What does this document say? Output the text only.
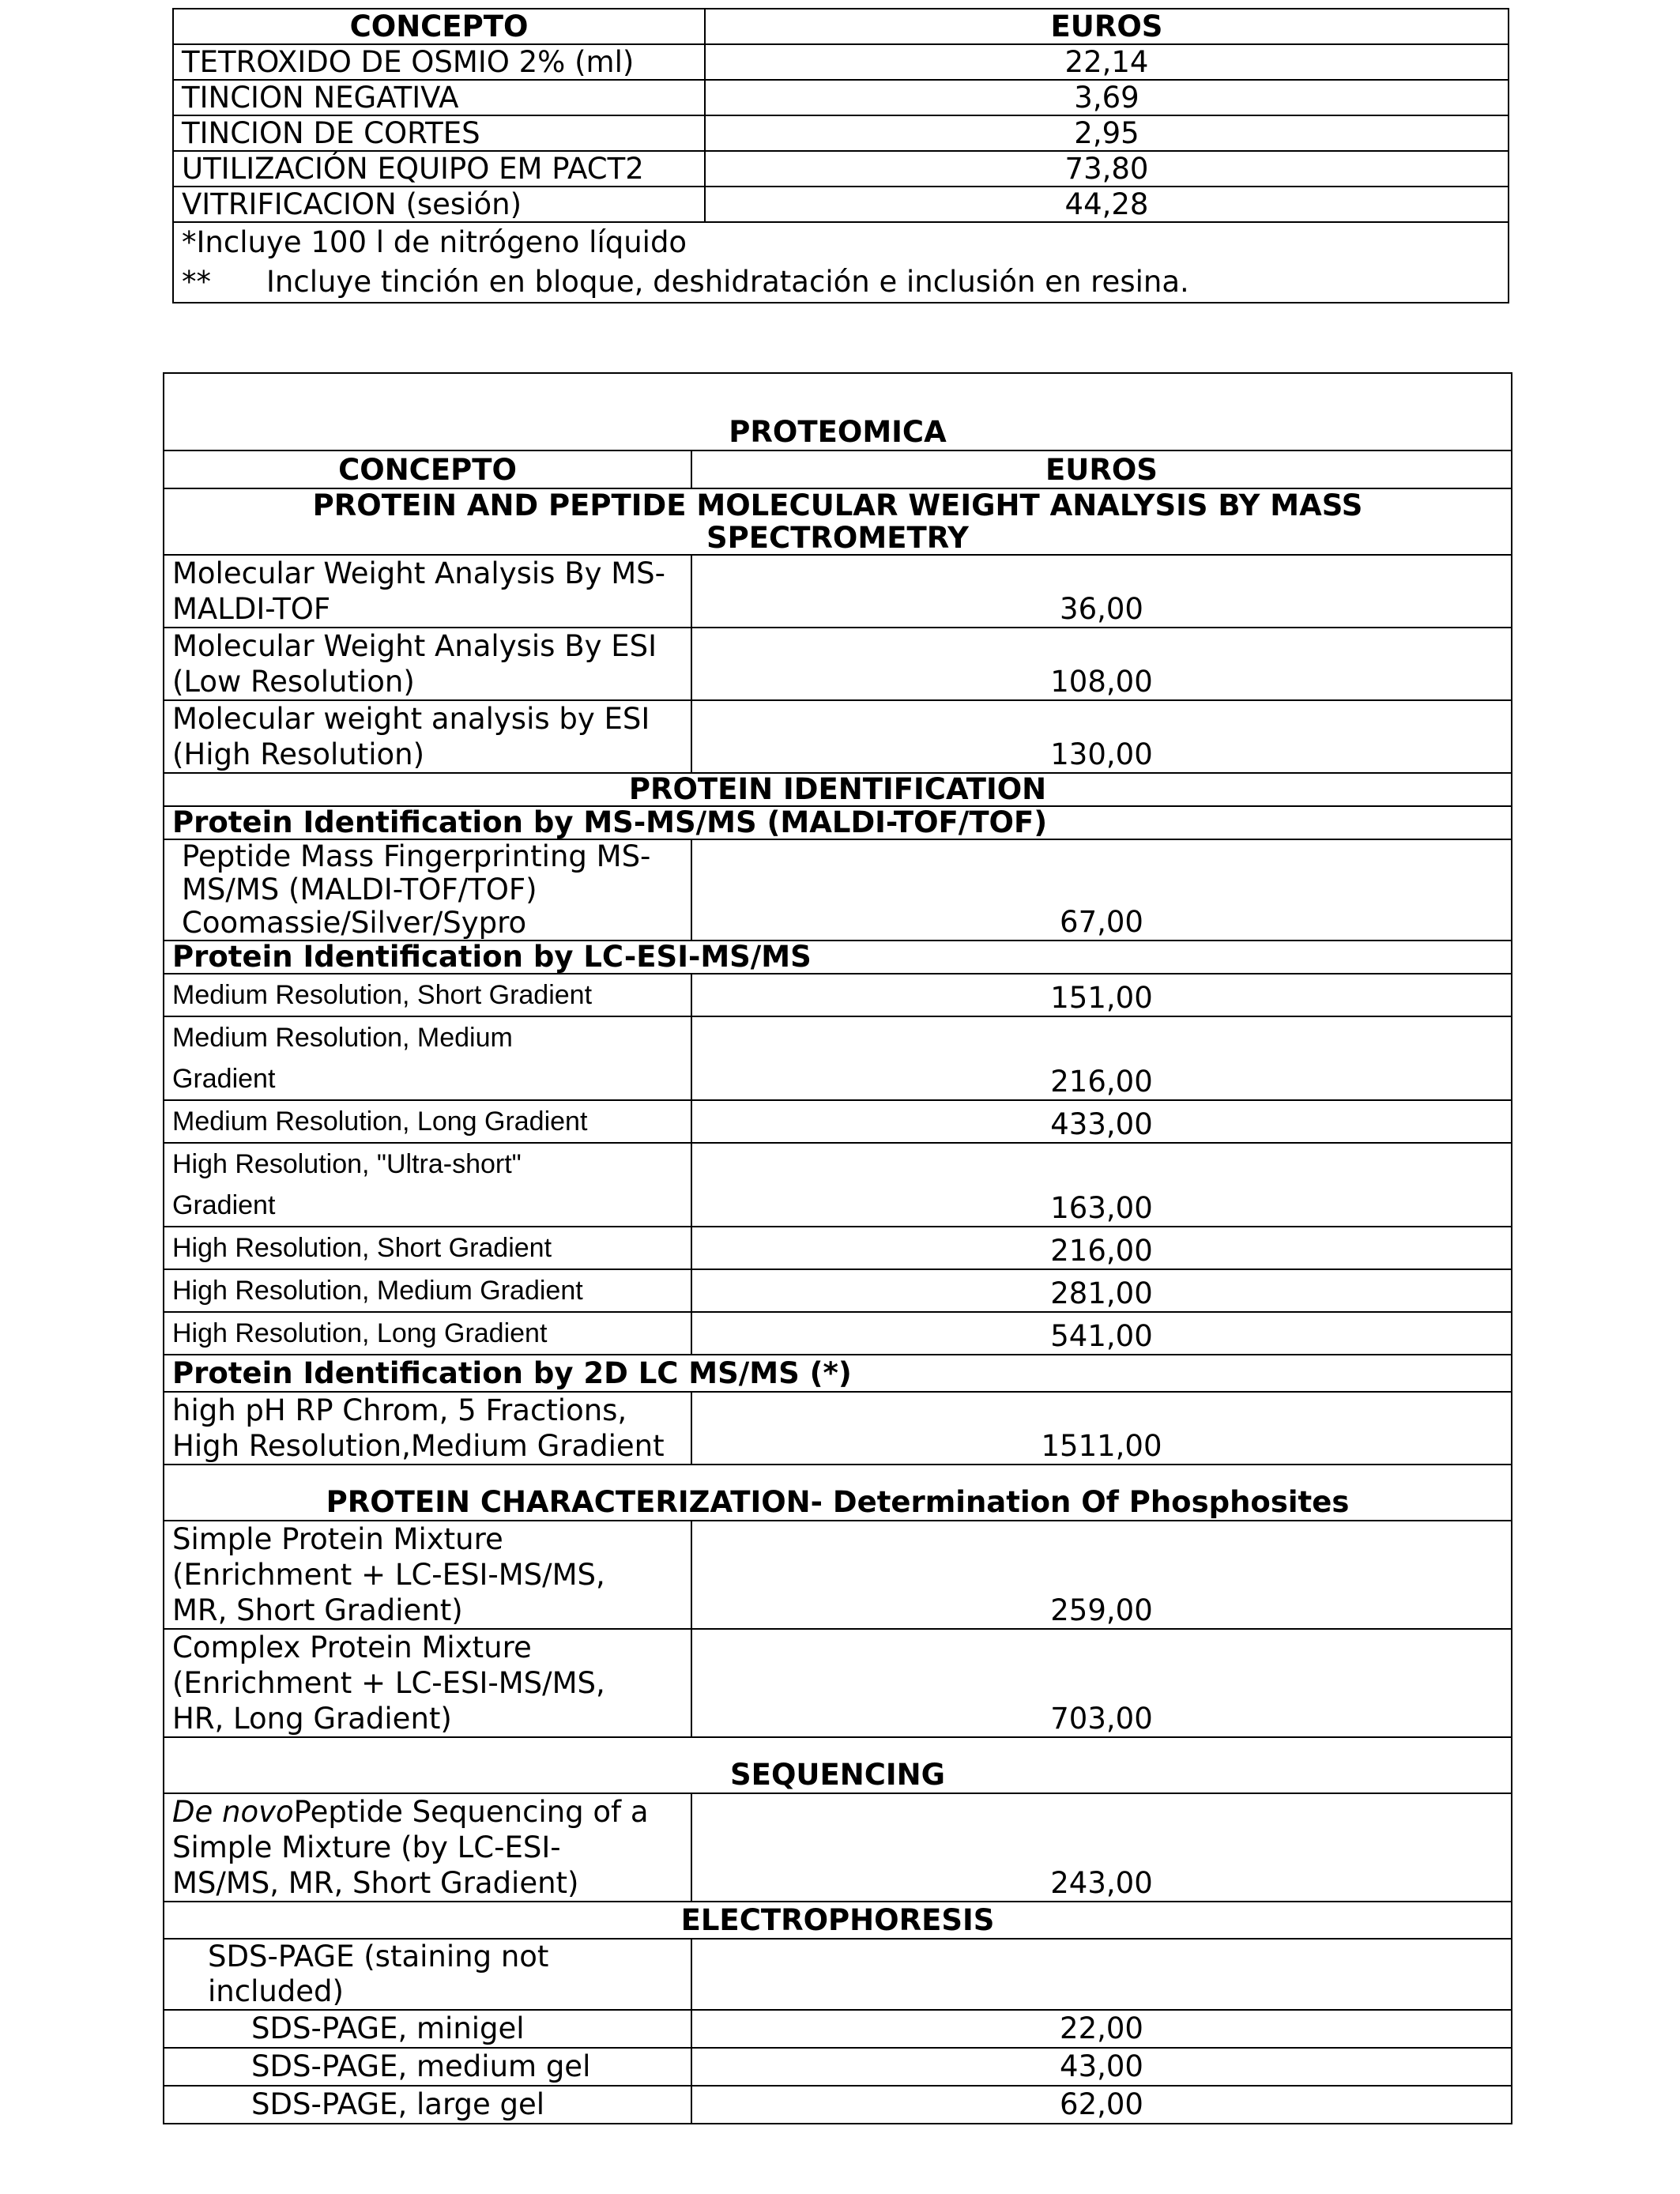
CONCEPTO	EUROS
TETROXIDO DE OSMIO 2% (ml)	22,14
TINCION NEGATIVA	3,69
TINCION DE CORTES	2,95
UTILIZACIÓN EQUIPO EM PACT2	73,80
VITRIFICACION (sesión)	44,28
*Incluye 100 l de nitrógeno líquido	
** Incluye tinción en bloque, deshidratación e inclusión en resina.	
PROTEOMICA	
CONCEPTO	EUROS
PROTEIN AND PEPTIDE MOLECULAR WEIGHT ANALYSIS BY MASS SPECTROMETRY	

Molecular Weight Analysis By MS-
MALDI-TOF	36,00

Molecular Weight Analysis By ESI
(Low Resolution)	108,00

Molecular weight analysis by ESI
(High Resolution)	130,00
PROTEIN IDENTIFICATION	
Protein Identification by MS-MS/MS (MALDI-TOF/TOF)	

Peptide Mass Fingerprinting MS-
MS/MS (MALDI-TOF/TOF)
Coomassie/Silver/Sypro	67,00
Protein Identification by LC-ESI-MS/MS	
Medium Resolution, Short Gradient	151,00

Medium Resolution, Medium
Gradient	216,00
Medium Resolution, Long Gradient	433,00

High Resolution, "Ultra-short"
Gradient	163,00
High Resolution, Short Gradient	216,00
High Resolution, Medium Gradient	281,00
High Resolution, Long Gradient	541,00
Protein Identification by 2D LC MS/MS (*)	

high pH RP Chrom, 5 Fractions,
High Resolution,Medium Gradient	1511,00
PROTEIN CHARACTERIZATION- Determination Of Phosphosites	

Simple Protein Mixture
(Enrichment + LC-ESI-MS/MS,
MR, Short Gradient)	259,00

Complex Protein Mixture
(Enrichment + LC-ESI-MS/MS,
HR, Long Gradient)	703,00
SEQUENCING	

De novoPeptide Sequencing of a
Simple Mixture (by LC-ESI-
MS/MS, MR, Short Gradient)	243,00
ELECTROPHORESIS	

SDS-PAGE (staining not
included)	

SDS-PAGE, minigel	22,00
SDS-PAGE, medium gel	43,00
SDS-PAGE, large gel	62,00
